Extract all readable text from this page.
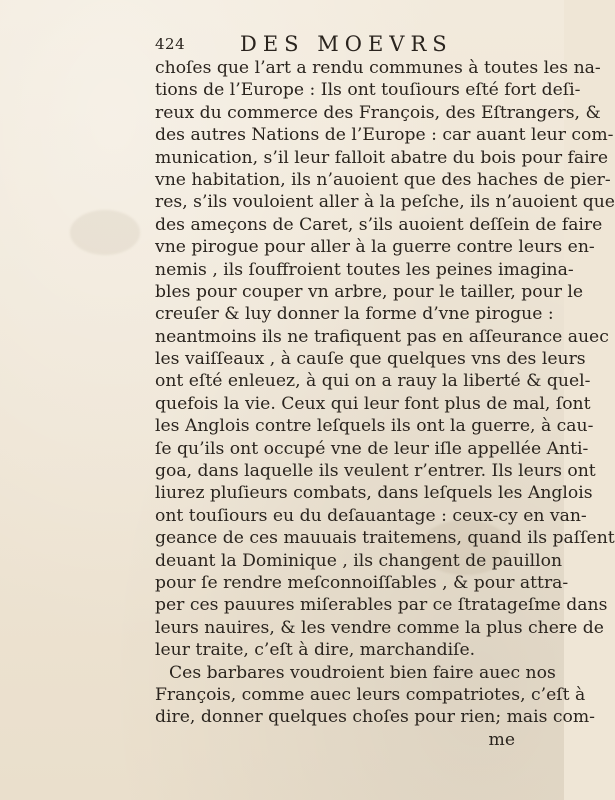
424	DES MOEVRS
choſes que l’art a rendu communes à toutes les na-
tions de l’Europe : Ils ont touſiours eſté fort deſi-
reux du commerce des François, des Eſtrangers, &
des autres Nations de l’Europe : car auant leur com-
munication, s’il leur falloit abatre du bois pour faire
vne habitation, ils n’auoient que des haches de pier-
res, s’ils vouloient aller à la peſche, ils n’auoient que
des ameçons de Caret, s’ils auoient deſſein de faire
vne pirogue pour aller à la guerre contre leurs en-
nemis , ils ſouffroient toutes les peines imagina-
bles pour couper vn arbre, pour le tailler, pour le
creuſer & luy donner la forme d’vne pirogue :
neantmoins ils ne trafiquent pas en aſſeurance auec
les vaiſſeaux , à cauſe que quelques vns des leurs
ont eſté enleuez, à qui on a rauy la liberté & quel-
quefois la vie. Ceux qui leur font plus de mal, ſont
les Anglois contre leſquels ils ont la guerre, à cau-
ſe qu’ils ont occupé vne de leur iſle appellée Anti-
goa, dans laquelle ils veulent r’entrer. Ils leurs ont
liurez pluſieurs combats, dans leſquels les Anglois
ont touſiours eu du deſauantage : ceux-cy en van-
geance de ces mauuais traitemens, quand ils paſſent
deuant la Dominique , ils changent de pauillon
pour ſe rendre meſconnoiſſables , & pour attra-
per ces pauures miſerables par ce ſtratageſme dans
leurs nauires, & les vendre comme la plus chere de
leur traite, c’eſt à dire, marchandiſe.
Ces barbares voudroient bien faire auec nos
François, comme auec leurs compatriotes, c’eſt à
dire, donner quelques choſes pour rien; mais com-
me
